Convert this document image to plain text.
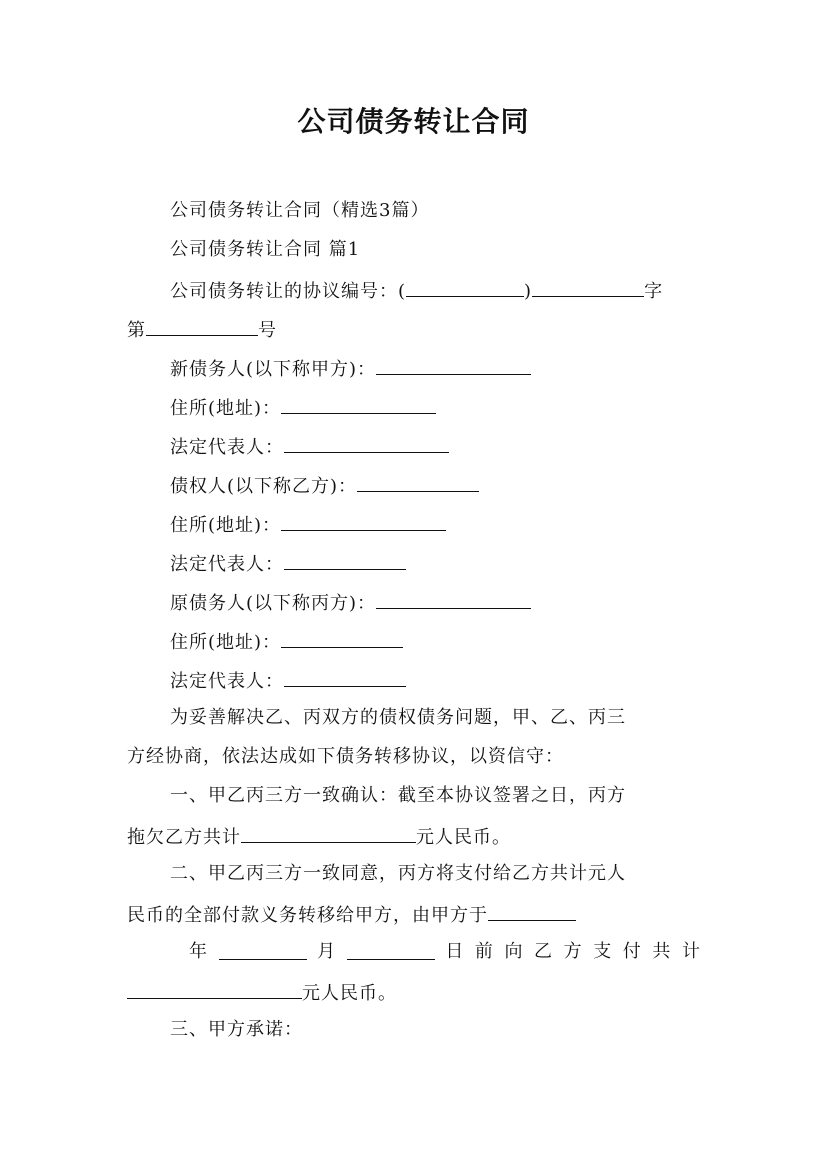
公司债务转让合同
公司债务转让合同（精选3篇）
公司债务转让合同 篇1
公司债务转让的协议编号：(	)	字
第	号
新债务人(以下称甲方)：
住所(地址)：
法定代表人：
债权人(以下称乙方)：
住所(地址)：
法定代表人：
原债务人(以下称丙方)：
住所(地址)：
法定代表人：
为妥善解决乙、丙双方的债权债务问题，甲、乙、丙三
方经协商，依法达成如下债务转移协议，以资信守：
一、甲乙丙三方一致确认：截至本协议签署之日，丙方
拖欠乙方共计	元人民币。
二、甲乙丙三方一致同意，丙方将支付给乙方共计元人
民币的全部付款义务转移给甲方，由甲方于
年	月	日 前 向 乙 方 支 付 共 计
元人民币。
三、甲方承诺：
